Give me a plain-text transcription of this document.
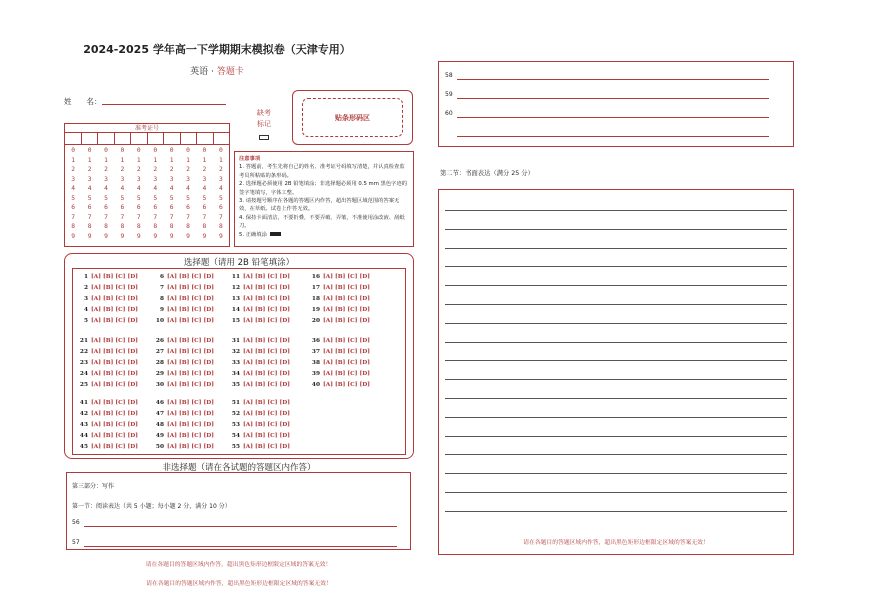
2024-2025 学年高一下学期期末模拟卷（天津专用）
英语 · 答题卡
姓　　名：
准考证号
0
1
2
3
4
5
6
7
8
9
0
1
2
3
4
5
6
7
8
9
0
1
2
3
4
5
6
7
8
9
0
1
2
3
4
5
6
7
8
9
0
1
2
3
4
5
6
7
8
9
0
1
2
3
4
5
6
7
8
9
0
1
2
3
4
5
6
7
8
9
0
1
2
3
4
5
6
7
8
9
0
1
2
3
4
5
6
7
8
9
0
1
2
3
4
5
6
7
8
9
缺考标记
贴条形码区
注意事项
1. 答题前，考生先将自己的姓名、准考证号码填写清楚，并认真检查监考员所粘贴的条形码。
2. 选择题必须使用 2B 铅笔填涂；非选择题必须用 0.5 mm 黑色字迹的签字笔填写，字体工整。
3. 请按题号顺序在各题的答题区内作答，超出答题区域范围的答案无效，在草纸、试卷上作答无效。
4. 保持卡面清洁，不要折叠，不要弄破、弄皱，不准使用涂改液、刮纸刀。
5. 正确填涂
选择题（请用 2B 铅笔填涂）
1 [A] [B] [C] [D]
2 [A] [B] [C] [D]
3 [A] [B] [C] [D]
4 [A] [B] [C] [D]
5 [A] [B] [C] [D]
6 [A] [B] [C] [D]
7 [A] [B] [C] [D]
8 [A] [B] [C] [D]
9 [A] [B] [C] [D]
10 [A] [B] [C] [D]
11 [A] [B] [C] [D]
12 [A] [B] [C] [D]
13 [A] [B] [C] [D]
14 [A] [B] [C] [D]
15 [A] [B] [C] [D]
16 [A] [B] [C] [D]
17 [A] [B] [C] [D]
18 [A] [B] [C] [D]
19 [A] [B] [C] [D]
20 [A] [B] [C] [D]
21 [A] [B] [C] [D]
22 [A] [B] [C] [D]
23 [A] [B] [C] [D]
24 [A] [B] [C] [D]
25 [A] [B] [C] [D]
26 [A] [B] [C] [D]
27 [A] [B] [C] [D]
28 [A] [B] [C] [D]
29 [A] [B] [C] [D]
30 [A] [B] [C] [D]
31 [A] [B] [C] [D]
32 [A] [B] [C] [D]
33 [A] [B] [C] [D]
34 [A] [B] [C] [D]
35 [A] [B] [C] [D]
36 [A] [B] [C] [D]
37 [A] [B] [C] [D]
38 [A] [B] [C] [D]
39 [A] [B] [C] [D]
40 [A] [B] [C] [D]
41 [A] [B] [C] [D]
42 [A] [B] [C] [D]
43 [A] [B] [C] [D]
44 [A] [B] [C] [D]
45 [A] [B] [C] [D]
46 [A] [B] [C] [D]
47 [A] [B] [C] [D]
48 [A] [B] [C] [D]
49 [A] [B] [C] [D]
50 [A] [B] [C] [D]
51 [A] [B] [C] [D]
52 [A] [B] [C] [D]
53 [A] [B] [C] [D]
54 [A] [B] [C] [D]
55 [A] [B] [C] [D]
非选择题（请在各试题的答题区内作答）
第三部分：写作
第一节：阅读表达（共 5 小题；每小题 2 分，满分 10 分）
56
57
请在各题目的答题区域内作答，超出黑色矩形边框限定区域的答案无效！
请在各题目的答题区域内作答，超出黑色矩形边框限定区域的答案无效！
58
59
60
第二节：书面表达（满分 25 分）
请在各题目的答题区域内作答，超出黑色矩形边框限定区域的答案无效！
